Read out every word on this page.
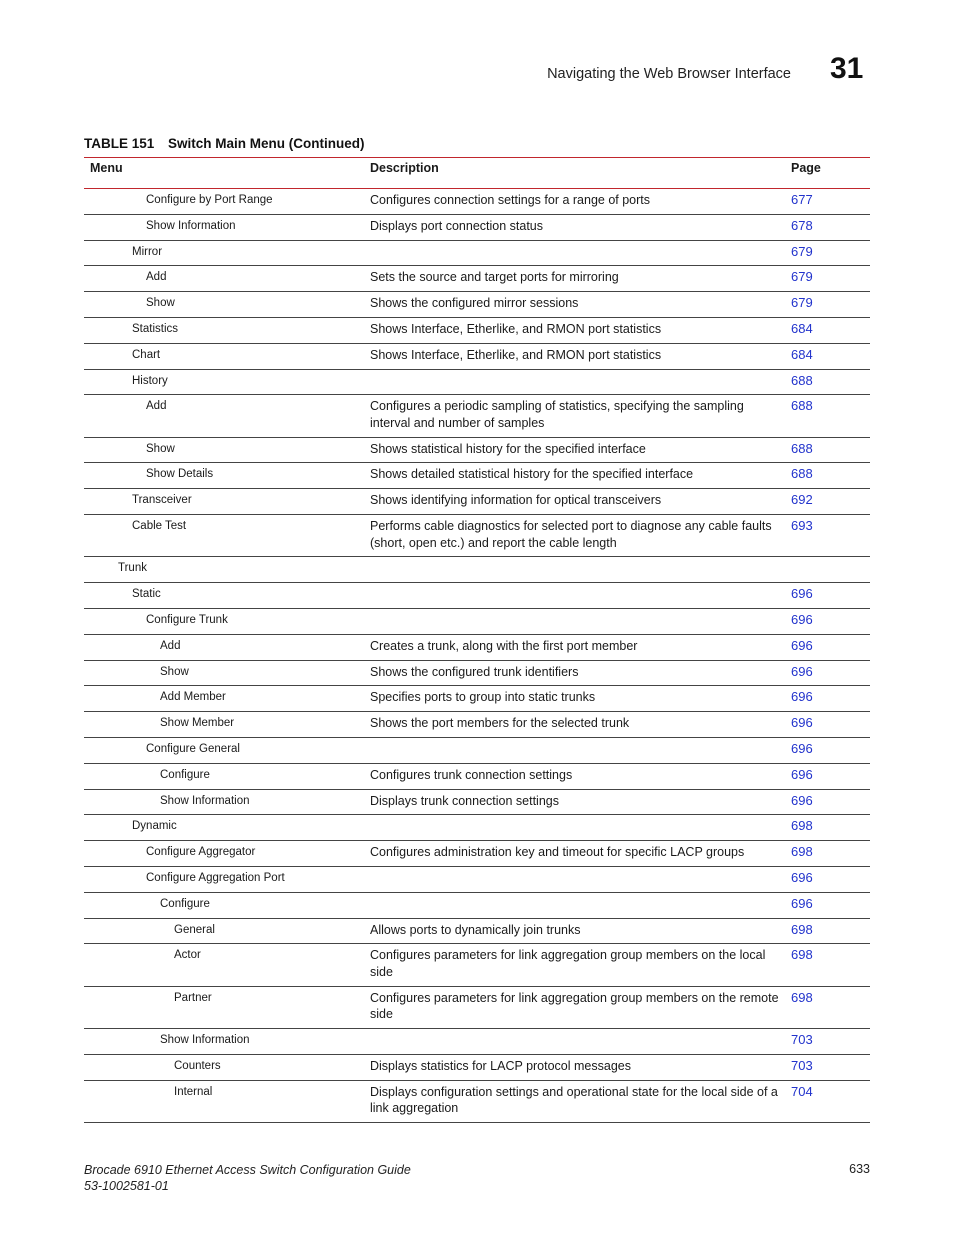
Navigating the Web Browser Interface 31
TABLE 151 Switch Main Menu (Continued)
Menu	Description	Page
Configure by Port Range	Configures connection settings for a range of ports	677
Show Information	Displays port connection status	678
Mirror		679
Add	Sets the source and target ports for mirroring	679
Show	Shows the configured mirror sessions	679
Statistics	Shows Interface, Etherlike, and RMON port statistics	684
Chart	Shows Interface, Etherlike, and RMON port statistics	684
History		688
Add	Configures a periodic sampling of statistics, specifying the sampling interval and number of samples	688
Show	Shows statistical history for the specified interface	688
Show Details	Shows detailed statistical history for the specified interface	688
Transceiver	Shows identifying information for optical transceivers	692
Cable Test	Performs cable diagnostics for selected port to diagnose any cable faults (short, open etc.) and report the cable length	693
Trunk		
Static		696
Configure Trunk		696
Add	Creates a trunk, along with the first port member	696
Show	Shows the configured trunk identifiers	696
Add Member	Specifies ports to group into static trunks	696
Show Member	Shows the port members for the selected trunk	696
Configure General		696
Configure	Configures trunk connection settings	696
Show Information	Displays trunk connection settings	696
Dynamic		698
Configure Aggregator	Configures administration key and timeout for specific LACP groups	698
Configure Aggregation Port		696
Configure		696
General	Allows ports to dynamically join trunks	698
Actor	Configures parameters for link aggregation group members on the local side	698
Partner	Configures parameters for link aggregation group members on the remote side	698
Show Information		703
Counters	Displays statistics for LACP protocol messages	703
Internal	Displays configuration settings and operational state for the local side of a link aggregation	704
Brocade 6910 Ethernet Access Switch Configuration Guide
53-1002581-01
633
